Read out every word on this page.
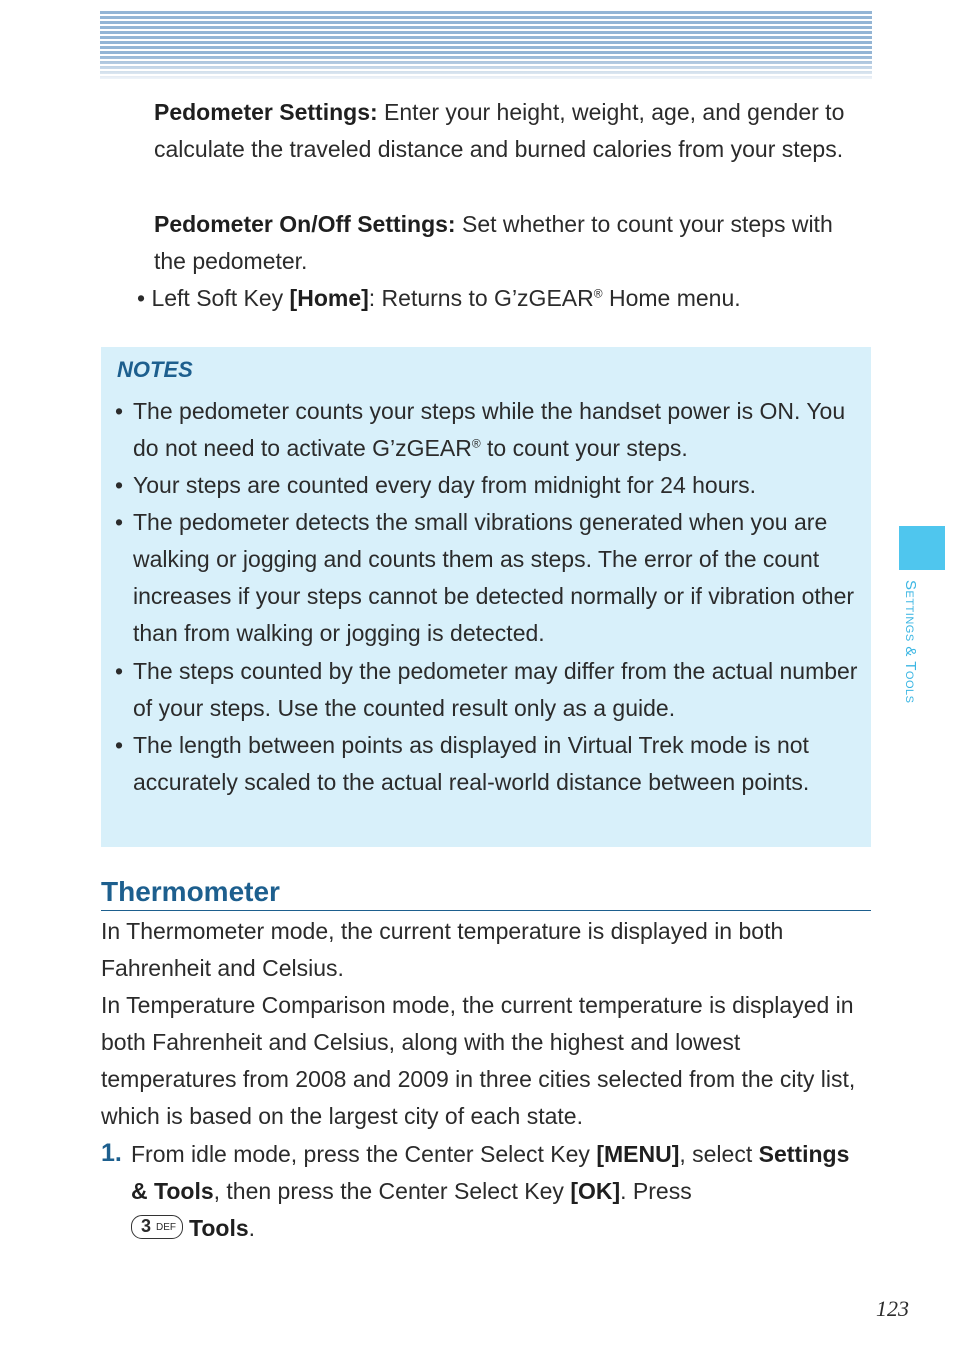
Pedometer Settings: Enter your height, weight, age, and gender to calculate the traveled distance and burned calories from your steps.

Pedometer On/Off Settings: Set whether to count your steps with the pedometer.

• Left Soft Key [Home]: Returns to G’zGEAR® Home menu.

NOTES
• The pedometer counts your steps while the handset power is ON. You do not need to activate G’zGEAR® to count your steps.
• Your steps are counted every day from midnight for 24 hours.
• The pedometer detects the small vibrations generated when you are walking or jogging and counts them as steps. The error of the count increases if your steps cannot be detected normally or if vibration other than from walking or jogging is detected.
• The steps counted by the pedometer may differ from the actual number of your steps. Use the counted result only as a guide.
• The length between points as displayed in Virtual Trek mode is not accurately scaled to the actual real-world distance between points.
Thermometer

In Thermometer mode, the current temperature is displayed in both Fahrenheit and Celsius.

In Temperature Comparison mode, the current temperature is displayed in both Fahrenheit and Celsius, along with the highest and lowest temperatures from 2008 and 2009 in three cities selected from the city list, which is based on the largest city of each state.

1. From idle mode, press the Center Select Key [MENU], select Settings & Tools, then press the Center Select Key [OK]. Press

3 DEF Tools.

Settings & Tools
123
